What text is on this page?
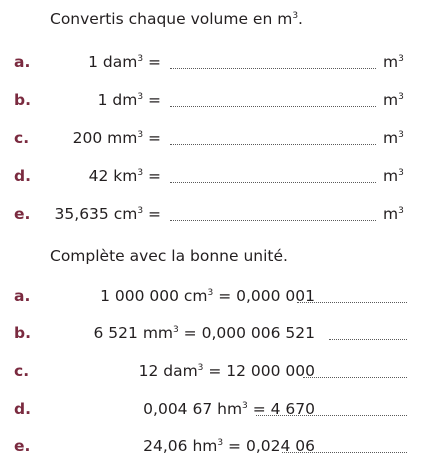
Convertis chaque volume en $m^3$.
a.	1 dam$^3$ =	$m^3$
b.	1 $dm^3$ =	$m^3$
c.	200 $mm^3$ =	$m^3$
d.	42 $km^3$ =	$m^3$
e. 35,635 $cm^3$ =	$m^3$
Complète avec la bonne unité.
a.	1 000 000 $cm^3 = 0,000$ 001
b.	6 521 $mm^3 = 0,000$ 006 521
c.	12 dam$^3$ = 12 000 000
d.	0,004 67 $hm^3 = 4$ 670
e.	24,06 $hm^3 = 0,024$ 06
